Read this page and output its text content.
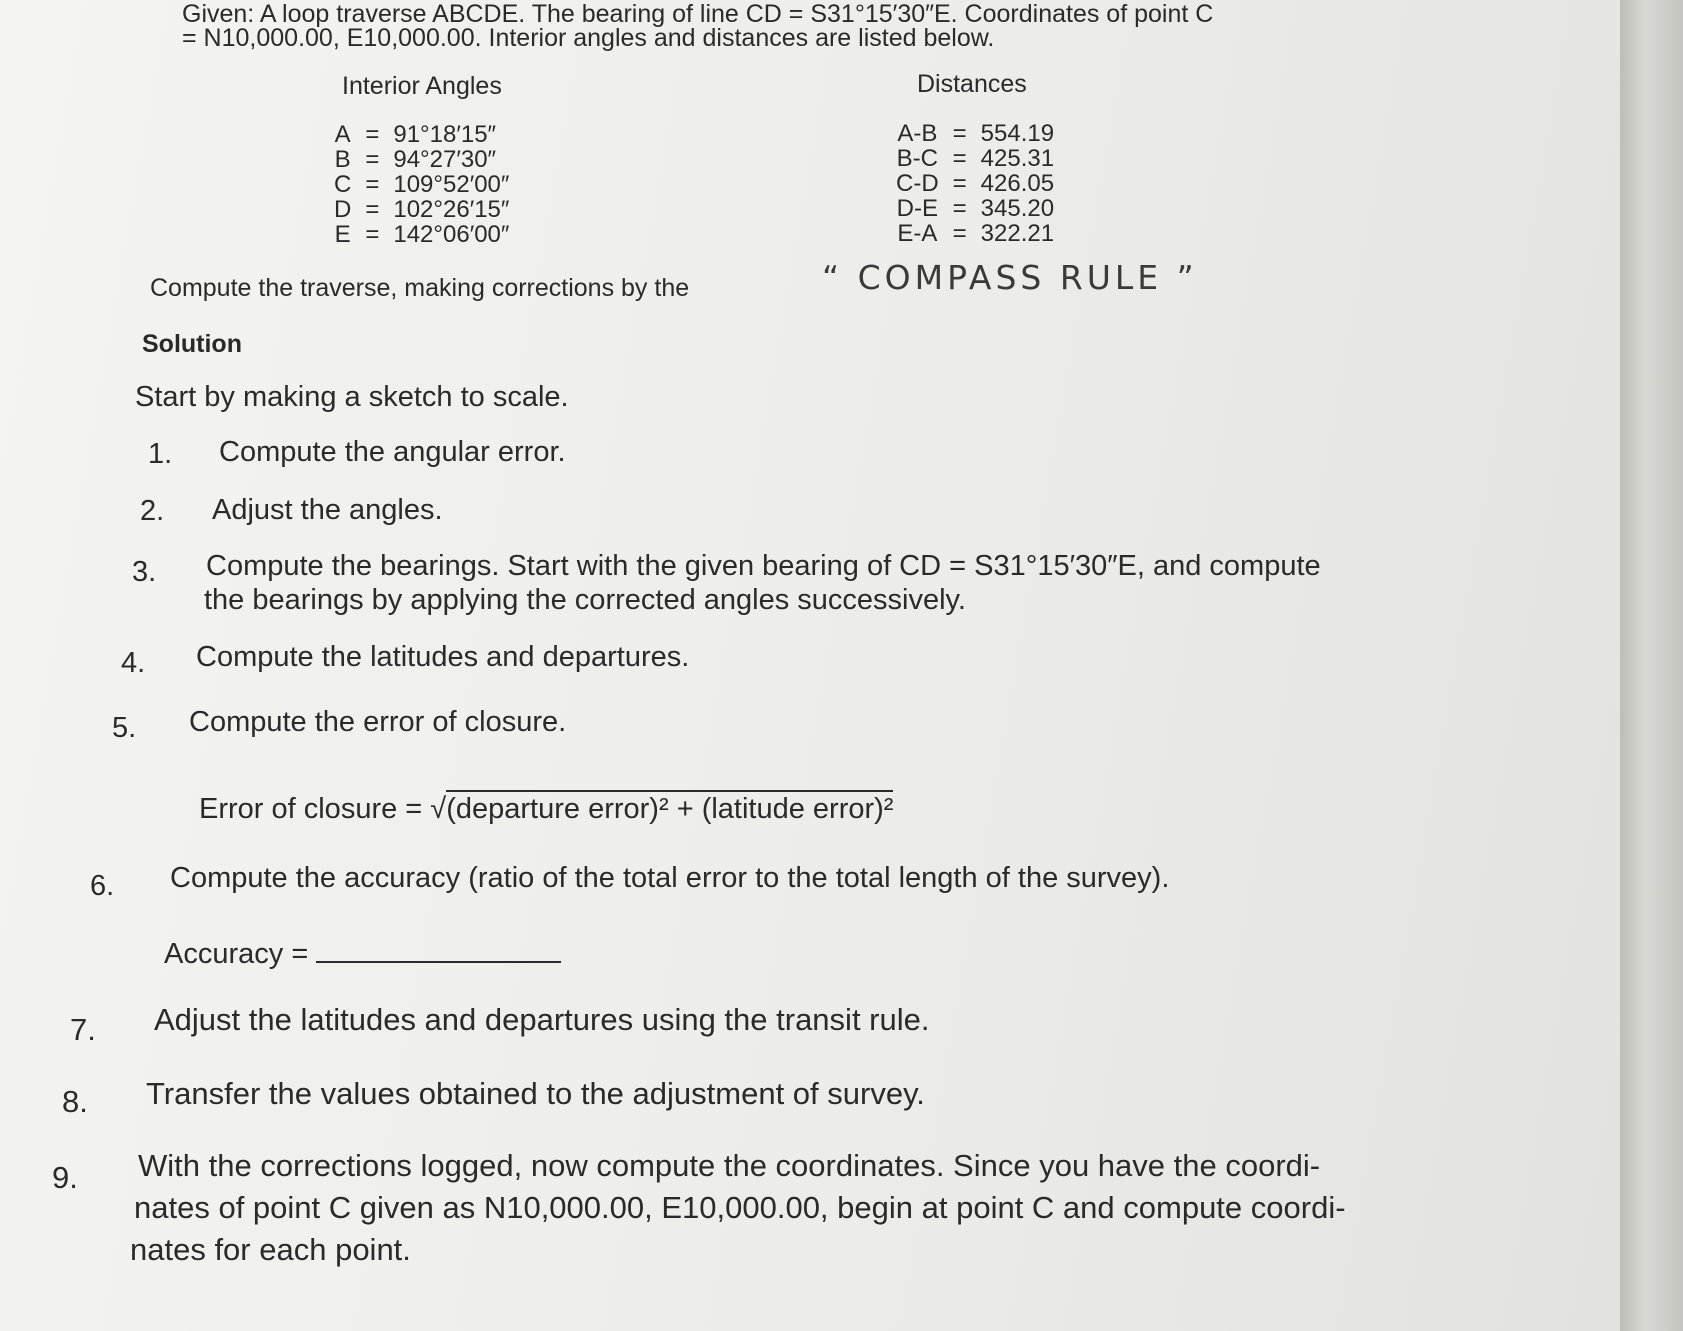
Given: A loop traverse ABCDE. The bearing of line CD = S31°15′30″E. Coordinates of point C
= N10,000.00, E10,000.00. Interior angles and distances are listed below.
Interior Angles	Distances
A	=	91°18′15″
B	=	94°27′30″
C	=	109°52′00″
D	=	102°26′15″
E	=	142°06′00″
A-B	=	554.19
B-C	=	425.31
C-D	=	426.05
D-E	=	345.20
E-A	=	322.21
Compute the traverse, making corrections by the	“ COMPASS RULE ”
Solution
Start by making a sketch to scale.
1. Compute the angular error.
2. Adjust the angles.
3. Compute the bearings. Start with the given bearing of CD = S31°15′30″E, and compute
the bearings by applying the corrected angles successively.
4. Compute the latitudes and departures.
5. Compute the error of closure.
Error of closure = √(departure error)² + (latitude error)²
6. Compute the accuracy (ratio of the total error to the total length of the survey).
Accuracy =
7. Adjust the latitudes and departures using the transit rule.
8. Transfer the values obtained to the adjustment of survey.
9. With the corrections logged, now compute the coordinates. Since you have the coordi-
nates of point C given as N10,000.00, E10,000.00, begin at point C and compute coordi-
nates for each point.
